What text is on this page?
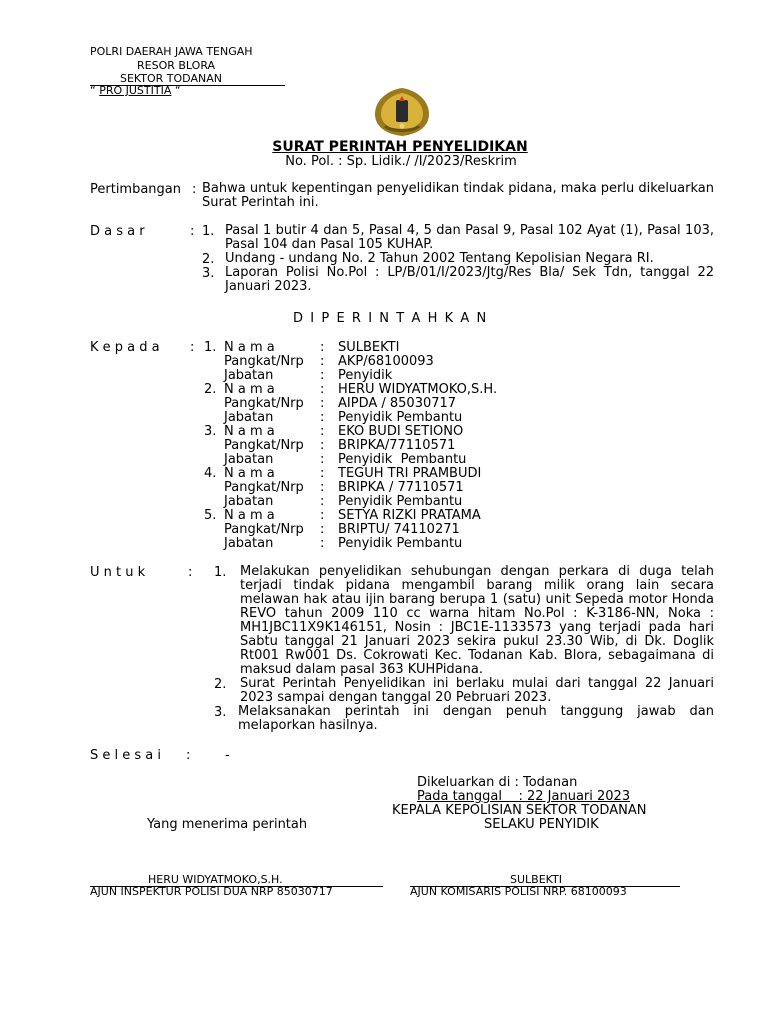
POLRI DAERAH JAWA TENGAH
RESOR BLORA
SEKTOR TODANAN
“ PRO JUSTITIA “
SURAT PERINTAH PENYELIDIKAN
No. Pol. : Sp. Lidik./ /I/2023/Reskrim
Pertimbangan : Bahwa untuk kepentingan penyelidikan tindak pidana, maka perlu dikeluarkan Surat Perintah ini.
D a s a r	: 1. Pasal 1 butir 4 dan 5, Pasal 4, 5 dan Pasal 9, Pasal 102 Ayat (1), Pasal 103, Pasal 104 dan Pasal 105 KUHAP.
2. Undang - undang No. 2 Tahun 2002 Tentang Kepolisian Negara RI.
3. Laporan Polisi No.Pol : LP/B/01/I/2023/Jtg/Res Bla/ Sek Tdn, tanggal 22 Januari 2023.
D I P E R I N T A H K A N
K e p a d a : 1. N a m a	: SULBEKTI
Pangkat/Nrp : AKP/68100093
Jabatan	: Penyidik
2. N a m a	: HERU WIDYATMOKO,S.H.
Pangkat/Nrp : AIPDA / 85030717
Jabatan	: Penyidik Pembantu
3. N a m a	: EKO BUDI SETIONO
Pangkat/Nrp : BRIPKA/77110571
Jabatan	: Penyidik  Pembantu
4. N a m a	: TEGUH TRI PRAMBUDI
Pangkat/Nrp : BRIPKA / 77110571
Jabatan	: Penyidik Pembantu
5. N a m a	: SETYA RIZKI PRATAMA
Pangkat/Nrp : BRIPTU/ 74110271
Jabatan	: Penyidik Pembantu
U n t u k	: 1. Melakukan penyelidikan sehubungan dengan perkara di duga telah terjadi tindak pidana mengambil barang milik orang lain secara melawan hak atau ijin barang berupa 1 (satu) unit Sepeda motor Honda REVO tahun 2009 110 cc warna hitam No.Pol : K-3186-NN, Noka : MH1JBC11X9K146151, Nosin : JBC1E-1133573 yang terjadi pada hari Sabtu tanggal 21 Januari 2023 sekira pukul 23.30 Wib, di Dk. Doglik Rt001 Rw001 Ds. Cokrowati Kec. Todanan Kab. Blora, sebagaimana di maksud dalam pasal 363 KUHPidana.
2. Surat Perintah Penyelidikan ini berlaku mulai dari tanggal 22 Januari 2023 sampai dengan tanggal 20 Pebruari 2023.
3. Melaksanakan perintah ini dengan penuh tanggung jawab dan melaporkan hasilnya.
S e l e s a i :	-
Dikeluarkan di : Todanan
Pada tanggal    : 22 Januari 2023
KEPALA KEPOLISIAN SEKTOR TODANAN
Yang menerima perintah	SELAKU PENYIDIK
HERU WIDYATMOKO,S.H.
AJUN INSPEKTUR POLISI DUA NRP 85030717
SULBEKTI
AJUN KOMISARIS POLISI NRP. 68100093
